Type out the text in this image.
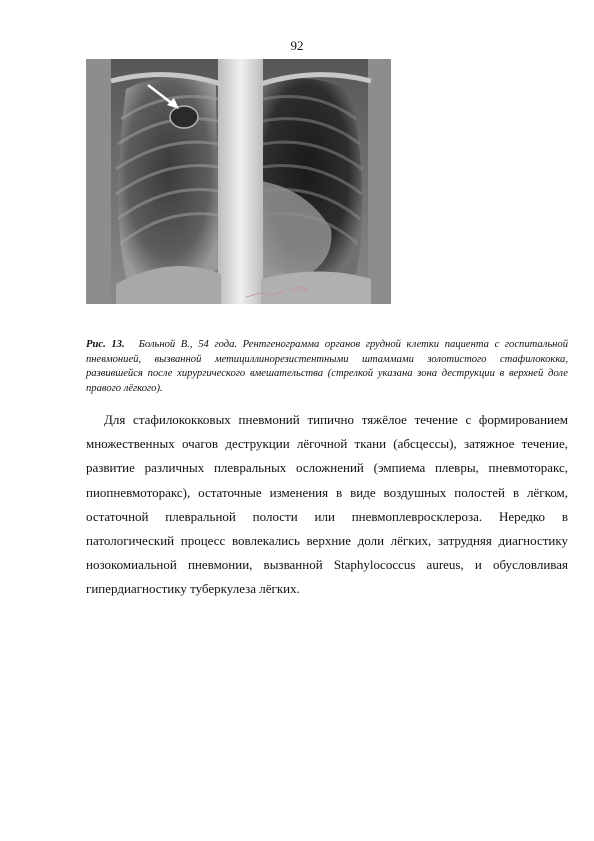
92
Рис. 13. Больной В., 54 года. Рентгенограмма органов грудной клетки пациента с госпитальной пневмонией, вызванной метициллинорезистентными штаммами золотистого стафилококка, развившейся после хирургического вмешательства (стрелкой указана зона деструкции в верхней доле правого лёгкого).

Для стафилококковых пневмоний типично тяжёлое течение с формированием множественных очагов деструкции лёгочной ткани (абсцессы), затяжное течение, развитие различных плевральных осложнений (эмпиема плевры, пневмоторакс, пиопневмоторакс), остаточные изменения в виде воздушных полостей в лёгком, остаточной плевральной полости или пневмоплевросклероза. Нередко в патологический процесс вовлекались верхние доли лёгких, затрудняя диагностику нозокомиальной пневмонии, вызванной Staphylococcus aureus, и обусловливая гипердиагностику туберкулеза лёгких.
